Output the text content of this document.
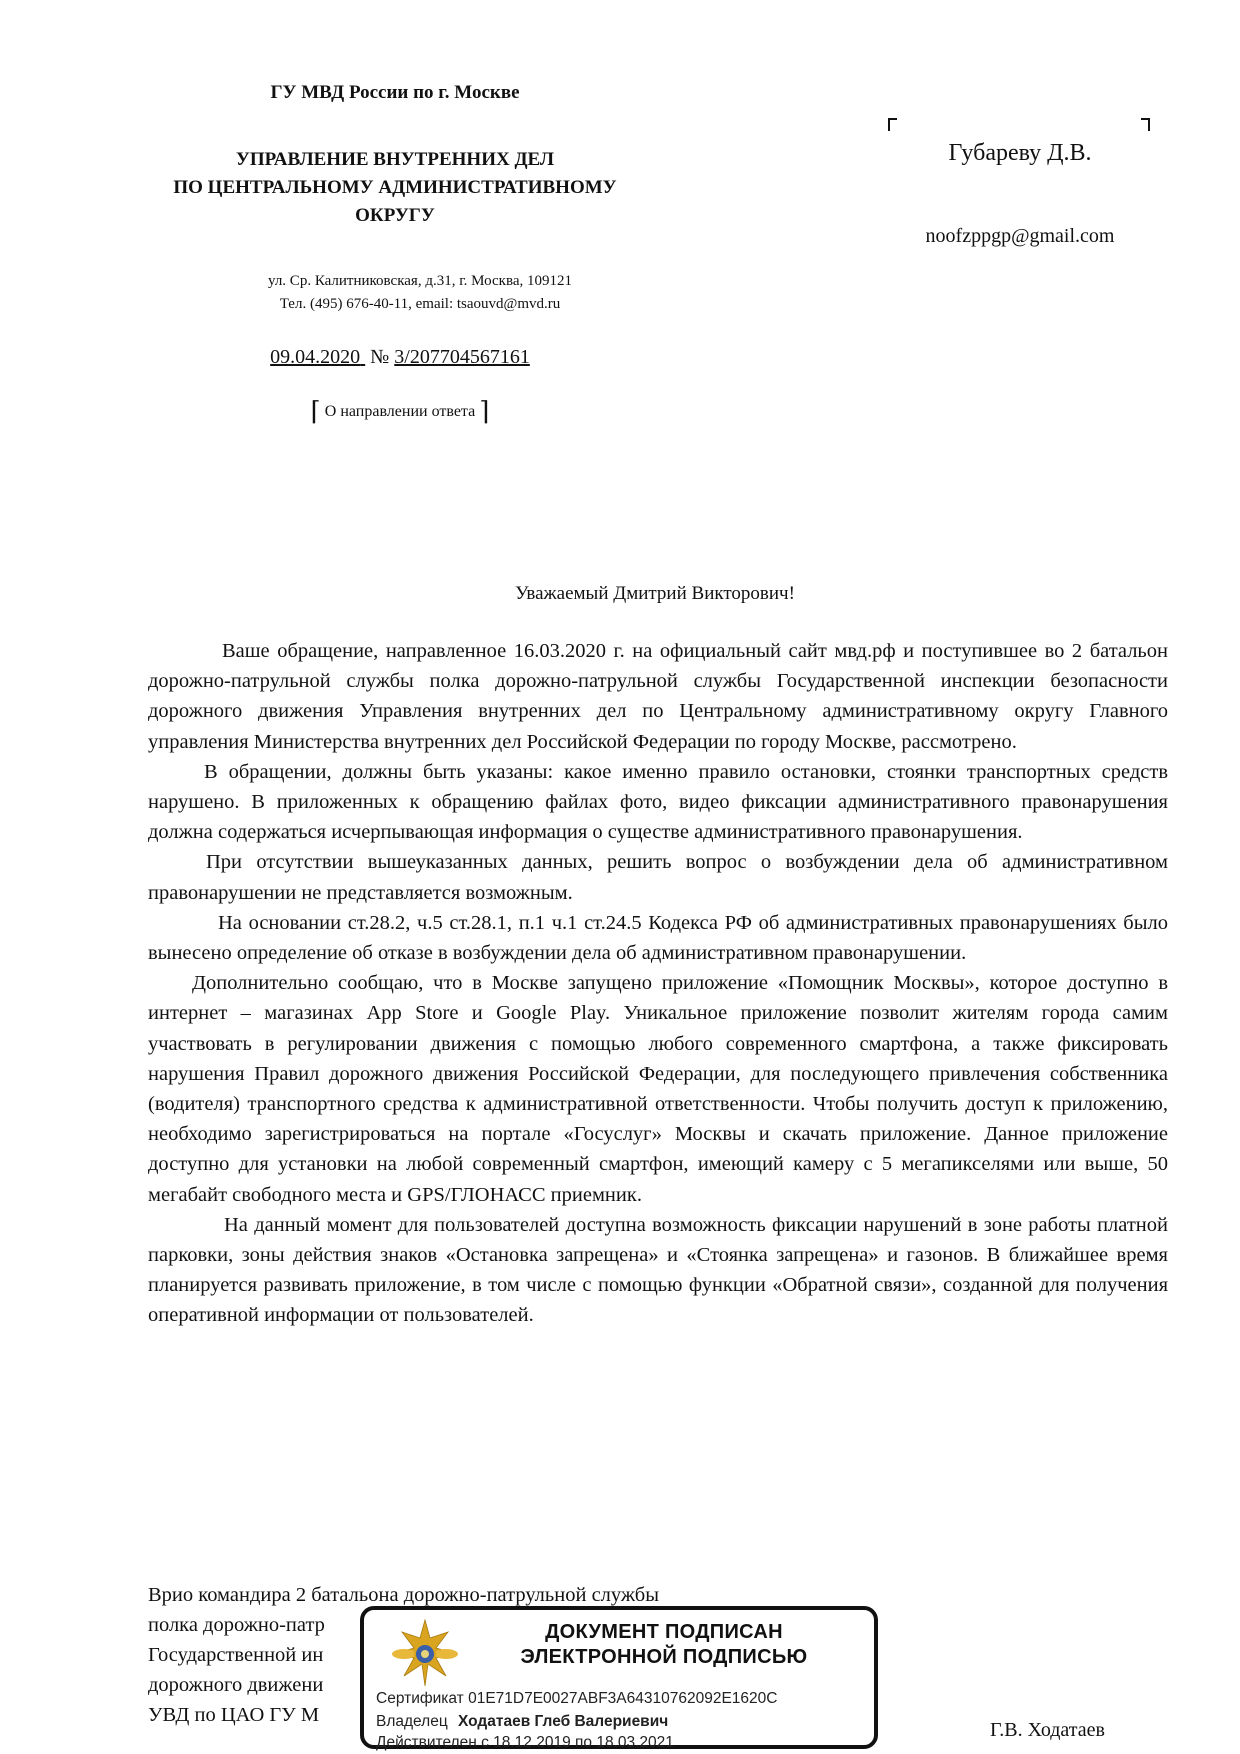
ГУ МВД России по г. Москве
УПРАВЛЕНИЕ ВНУТРЕННИХ ДЕЛ
ПО ЦЕНТРАЛЬНОМУ АДМИНИСТРАТИВНОМУ
ОКРУГУ
ул. Ср. Калитниковская, д.31, г. Москва, 109121
Тел. (495) 676-40-11, email: tsaouvd@mvd.ru
09.04.2020 № 3/207704567161
⌈ О направлении ответа ⌉
Губареву Д.В.
noofzppgp@gmail.com
Уважаемый Дмитрий Викторович!

Ваше обращение, направленное 16.03.2020 г. на официальный сайт мвд.рф и поступившее во 2 батальон дорожно-патрульной службы полка дорожно-патрульной службы Государственной инспекции безопасности дорожного движения Управления внутренних дел по Центральному административному округу Главного управления Министерства внутренних дел Российской Федерации по городу Москве, рассмотрено.

В обращении, должны быть указаны: какое именно правило остановки, стоянки транспортных средств нарушено. В приложенных к обращению файлах фото, видео фиксации административного правонарушения должна содержаться исчерпывающая информация о существе административного правонарушения.

При отсутствии вышеуказанных данных, решить вопрос о возбуждении дела об административном правонарушении не представляется возможным.

На основании ст.28.2, ч.5 ст.28.1, п.1 ч.1 ст.24.5 Кодекса РФ об административных правонарушениях было вынесено определение об отказе в возбуждении дела об административном правонарушении.

Дополнительно сообщаю, что в Москве запущено приложение «Помощник Москвы», которое доступно в интернет – магазинах App Store и Google Play. Уникальное приложение позволит жителям города самим участвовать в регулировании движения с помощью любого современного смартфона, а также фиксировать нарушения Правил дорожного движения Российской Федерации, для последующего привлечения собственника (водителя) транспортного средства к административной ответственности. Чтобы получить доступ к приложению, необходимо зарегистрироваться на портале «Госуслуг» Москвы и скачать приложение. Данное приложение доступно для установки на любой современный смартфон, имеющий камеру с 5 мегапикселями или выше, 50 мегабайт свободного места и GPS/ГЛОНАСС приемник.

На данный момент для пользователей доступна возможность фиксации нарушений в зоне работы платной парковки, зоны действия знаков «Остановка запрещена» и «Стоянка запрещена» и газонов. В ближайшее время планируется развивать приложение, в том числе с помощью функции «Обратной связи», созданной для получения оперативной информации от пользователей.

Врио командира 2 батальона дорожно-патрульной службы
полка дорожно-патр
Государственной ин
дорожного движени
УВД по ЦАО ГУ М
Г.В. Ходатаев
ДОКУМЕНТ ПОДПИСАН
ЭЛЕКТРОННОЙ ПОДПИСЬЮ
Сертификат 01E71D7E0027ABF3A64310762092E1620C
Владелец Ходатаев Глеб Валериевич
Действителен с 18.12.2019 по 18.03.2021
